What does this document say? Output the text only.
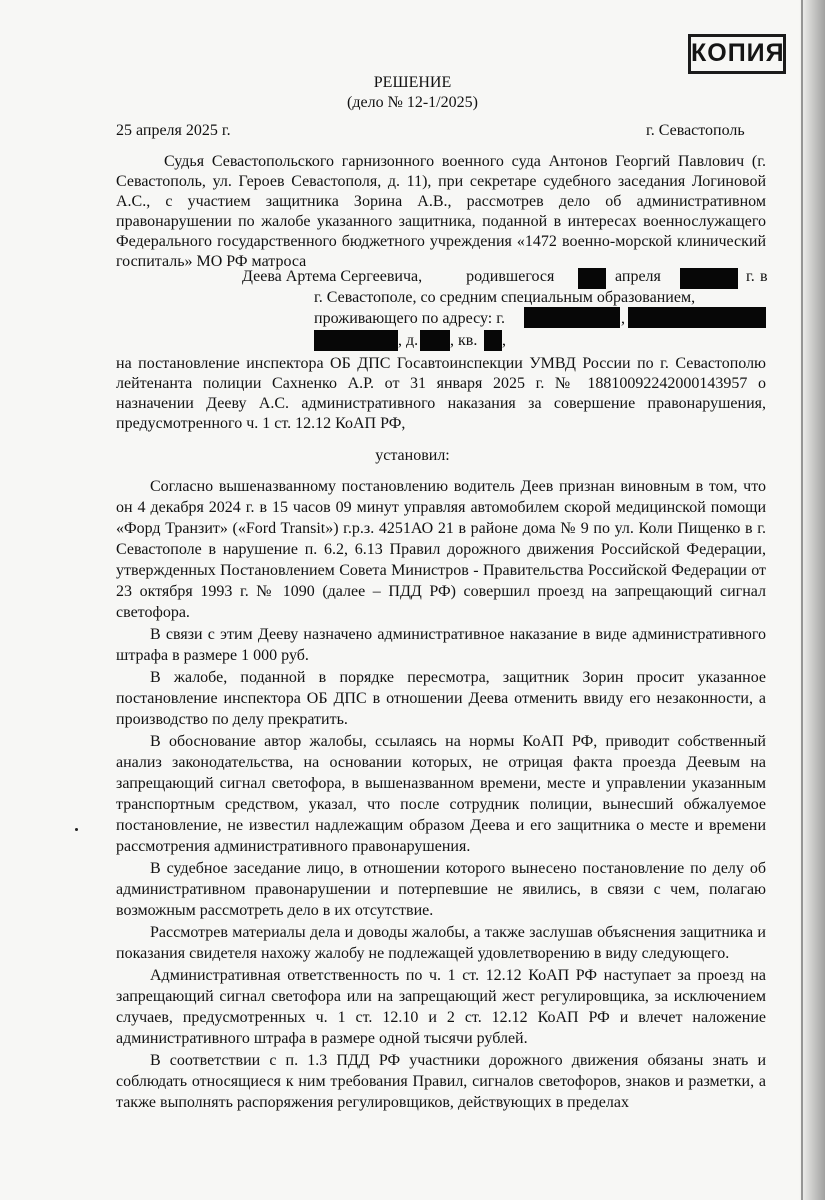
КОПИЯ
РЕШЕНИЕ
(дело № 12-1/2025)
25 апреля 2025 г.	г. Севастополь

Судья Севастопольского гарнизонного военного суда Антонов Георгий Павлович (г. Севастополь, ул. Героев Севастополя, д. 11), при секретаре судебного заседания Логиновой А.С., с участием защитника Зорина А.В., рассмотрев дело об административном правонарушении по жалобе указанного защитника, поданной в интересах военнослужащего Федерального государственного бюджетного учреждения «1472 военно-морской клинический госпиталь» МО РФ матроса

Деева Артема Сергеевича,	родившегося	апреля	г. в
г. Севастополе, со средним специальным образованием,
проживающего по адресу: г.	,
, д. , кв. ,

на постановление инспектора ОБ ДПС Госавтоинспекции УМВД России по г. Севастополю лейтенанта полиции Сахненко А.Р. от 31 января 2025 г. № 18810092242000143957 о назначении Дееву А.С. административного наказания за совершение правонарушения, предусмотренного ч. 1 ст. 12.12 КоАП РФ,

установил:

Согласно вышеназванному постановлению водитель Деев признан виновным в том, что он 4 декабря 2024 г. в 15 часов 09 минут управляя автомобилем скорой медицинской помощи «Форд Транзит» («Ford Transit») г.р.з. 4251АО 21 в районе дома № 9 по ул. Коли Пищенко в г. Севастополе в нарушение п. 6.2, 6.13 Правил дорожного движения Российской Федерации, утвержденных Постановлением Совета Министров - Правительства Российской Федерации от 23 октября 1993 г. № 1090 (далее – ПДД РФ) совершил проезд на запрещающий сигнал светофора.

В связи с этим Дееву назначено административное наказание в виде административного штрафа в размере 1 000 руб.

В жалобе, поданной в порядке пересмотра, защитник Зорин просит указанное постановление инспектора ОБ ДПС в отношении Деева отменить ввиду его незаконности, а производство по делу прекратить.

В обоснование автор жалобы, ссылаясь на нормы КоАП РФ, приводит собственный анализ законодательства, на основании которых, не отрицая факта проезда Деевым на запрещающий сигнал светофора, в вышеназванном времени, месте и управлении указанным транспортным средством, указал, что после сотрудник полиции, вынесший обжалуемое постановление, не известил надлежащим образом Деева и его защитника о месте и времени рассмотрения административного правонарушения.

В судебное заседание лицо, в отношении которого вынесено постановление по делу об административном правонарушении и потерпевшие не явились, в связи с чем, полагаю возможным рассмотреть дело в их отсутствие.

Рассмотрев материалы дела и доводы жалобы, а также заслушав объяснения защитника и показания свидетеля нахожу жалобу не подлежащей удовлетворению в виду следующего.

Административная ответственность по ч. 1 ст. 12.12 КоАП РФ наступает за проезд на запрещающий сигнал светофора или на запрещающий жест регулировщика, за исключением случаев, предусмотренных ч. 1 ст. 12.10 и 2 ст. 12.12 КоАП РФ и влечет наложение административного штрафа в размере одной тысячи рублей.

В соответствии с п. 1.3 ПДД РФ участники дорожного движения обязаны знать и соблюдать относящиеся к ним требования Правил, сигналов светофоров, знаков и разметки, а также выполнять распоряжения регулировщиков, действующих в пределах
